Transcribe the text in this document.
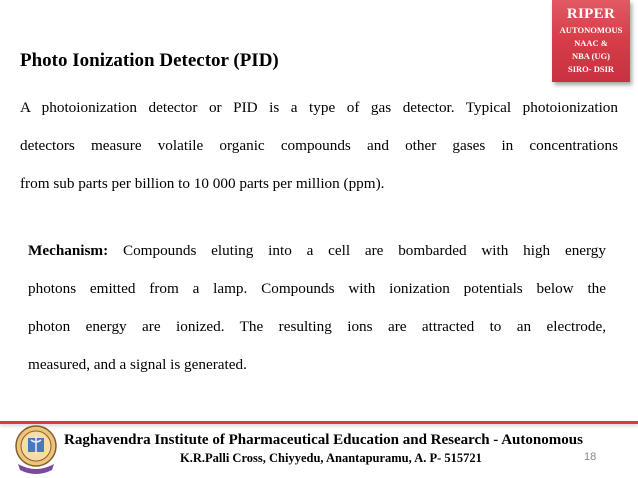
RIPER
AUTONOMOUS
NAAC &
NBA (UG)
SIRO- DSIR
Photo Ionization Detector (PID)
A photoionization detector or PID is a type of gas detector. Typical photoionization
detectors measure volatile organic compounds and other gases in concentrations
from sub parts per billion to 10 000 parts per million (ppm).
Mechanism: Compounds eluting into a cell are bombarded with high energy
photons emitted from a lamp. Compounds with ionization potentials below the
photon energy are ionized. The resulting ions are attracted to an electrode,
measured, and a signal is generated.
Raghavendra Institute of Pharmaceutical Education and Research - Autonomous
K.R.Palli Cross, Chiyyedu, Anantapuramu, A. P- 515721	18
